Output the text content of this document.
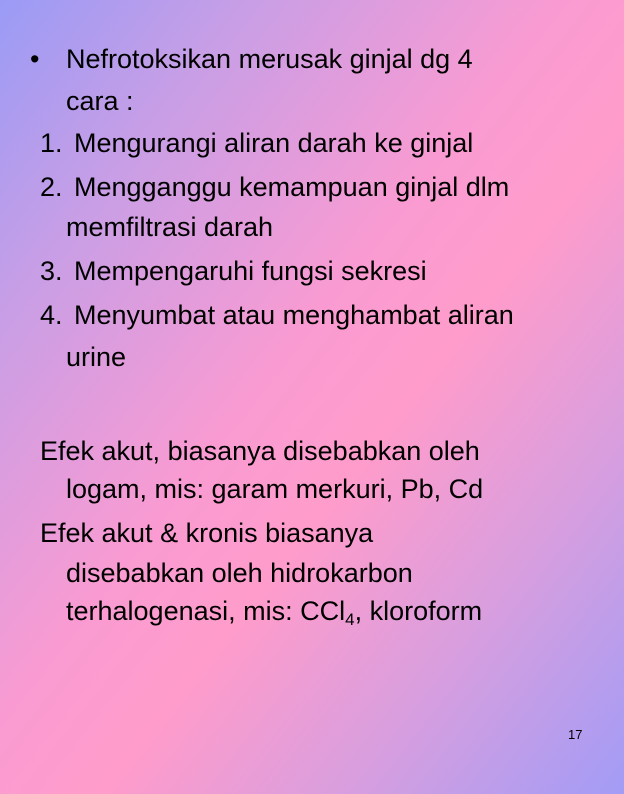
• Nefrotoksikan merusak ginjal dg 4
cara :
1. Mengurangi aliran darah ke ginjal
2. Mengganggu kemampuan ginjal dlm
memfiltrasi darah
3. Mempengaruhi fungsi sekresi
4. Menyumbat atau menghambat aliran
urine
Efek akut, biasanya disebabkan oleh
logam, mis: garam merkuri, Pb, Cd
Efek akut & kronis biasanya
disebabkan oleh hidrokarbon
terhalogenasi, mis: CCl$_4$, kloroform
17
